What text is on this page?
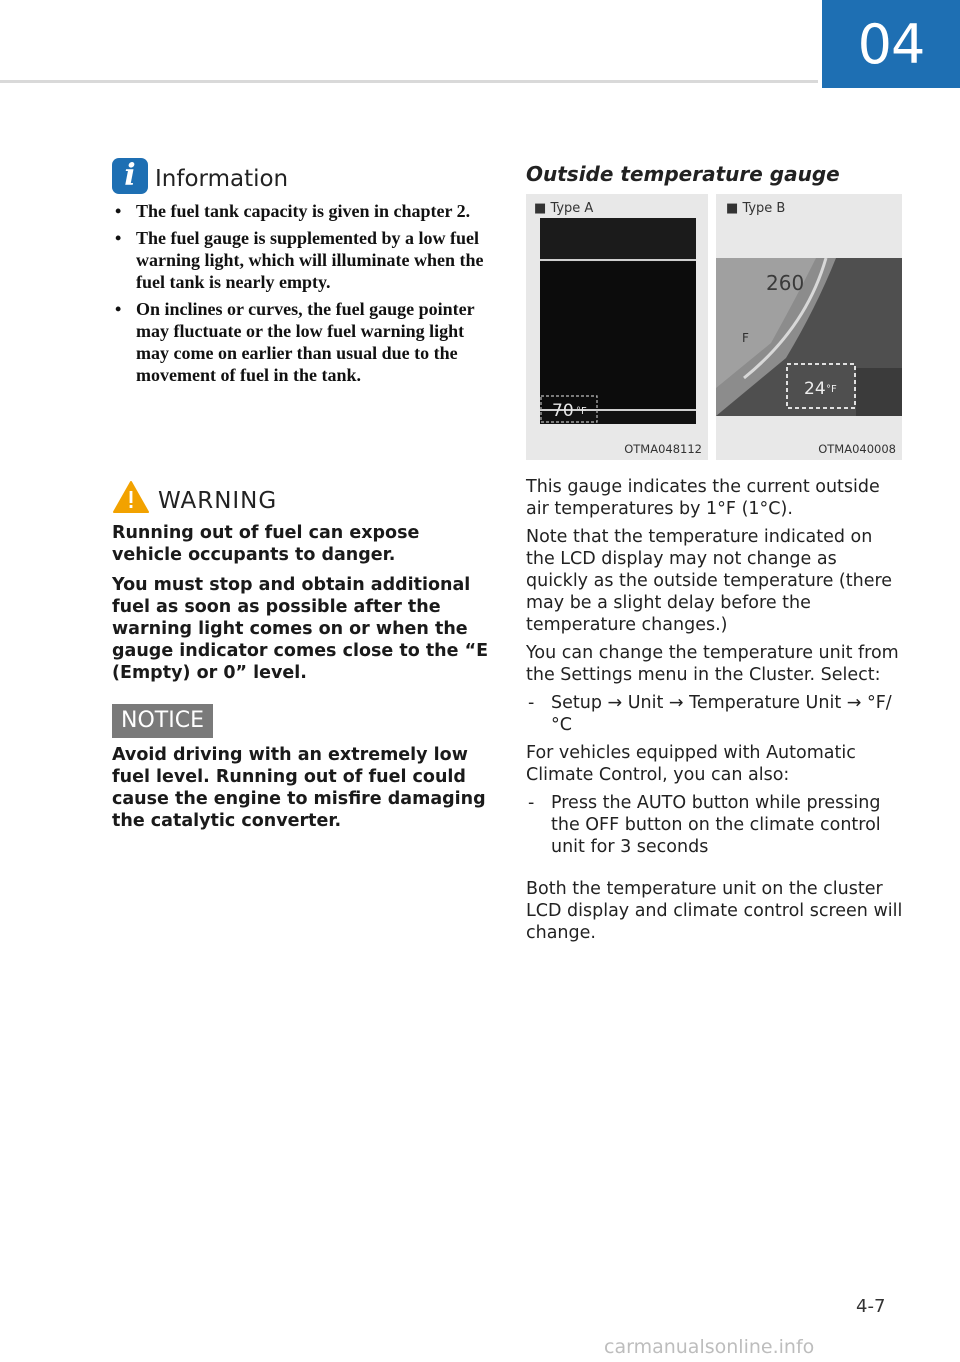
04
i Information
• The fuel tank capacity is given in chapter 2.
• The fuel gauge is supplemented by a low fuel warning light, which will illuminate when the fuel tank is nearly empty.
• On inclines or curves, the fuel gauge pointer may fluctuate or the low fuel warning light may come on earlier than usual due to the movement of fuel in the tank.
WARNING

Running out of fuel can expose vehicle occupants to danger.

You must stop and obtain additional fuel as soon as possible after the warning light comes on or when the gauge indicator comes close to the “E (Empty) or 0” level.

NOTICE

Avoid driving with an extremely low fuel level. Running out of fuel could cause the engine to misfire damaging the catalytic converter.

Outside temperature gauge
■ Type A
70 °F
OTMA048112
■ Type B
260
F
24 °F
OTMA040008

This gauge indicates the current outside air temperatures by 1°F (1°C).

Note that the temperature indicated on the LCD display may not change as quickly as the outside temperature (there may be a slight delay before the temperature changes.)

You can change the temperature unit from the Settings menu in the Cluster. Select:

- Setup → Unit → Temperature Unit → °F/°C

For vehicles equipped with Automatic Climate Control, you can also:

- Press the AUTO button while pressing the OFF button on the climate control unit for 3 seconds

Both the temperature unit on the cluster LCD display and climate control screen will change.

4-7
carmanualsonline.info
